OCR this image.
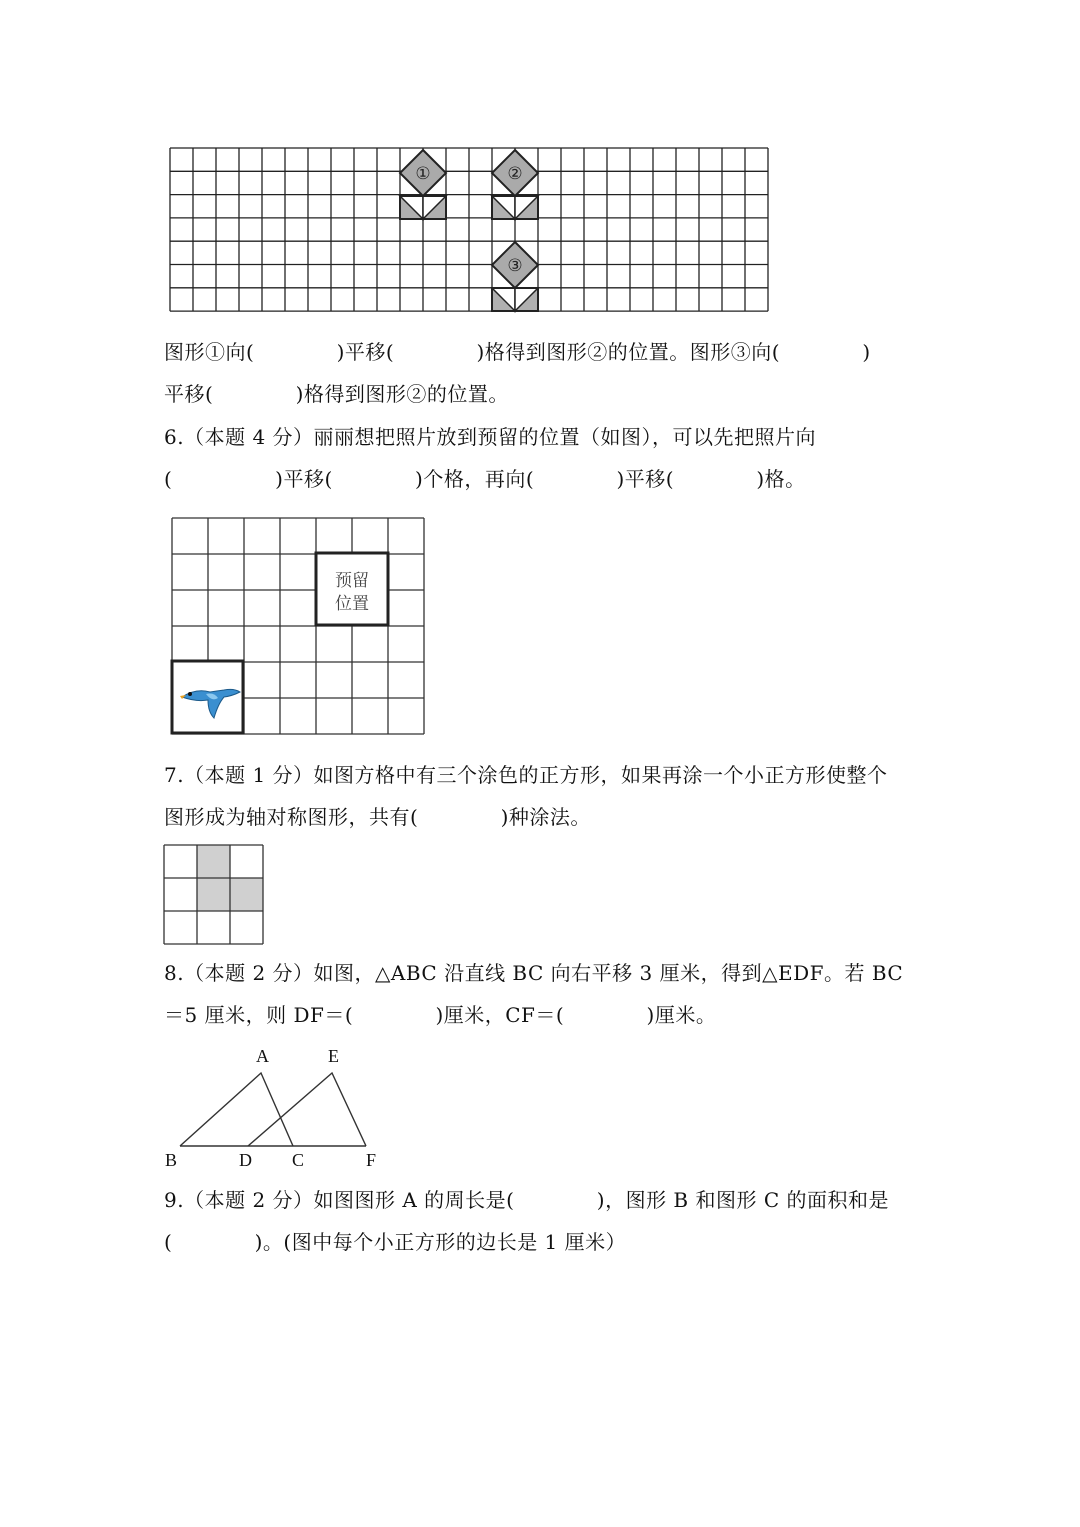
①	②
③
图形①向(            )平移(            )格得到图形②的位置。图形③向(            )
平移(            )格得到图形②的位置。
6.（本题 4 分）丽丽想把照片放到预留的位置（如图），可以先把照片向
(               )平移(            )个格，再向(            )平移(            )格。
预留
位置
7.（本题 1 分）如图方格中有三个涂色的正方形，如果再涂一个小正方形使整个
图形成为轴对称图形，共有(            )种涂法。
8.（本题 2 分）如图，△ABC 沿直线 BC 向右平移 3 厘米，得到△EDF。若 BC
＝5 厘米，则 DF＝(            )厘米，CF＝(            )厘米。
A	E
B	D C	F
9.（本题 2 分）如图图形 A 的周长是(            )，图形 B 和图形 C 的面积和是
(            )。(图中每个小正方形的边长是 1 厘米）
